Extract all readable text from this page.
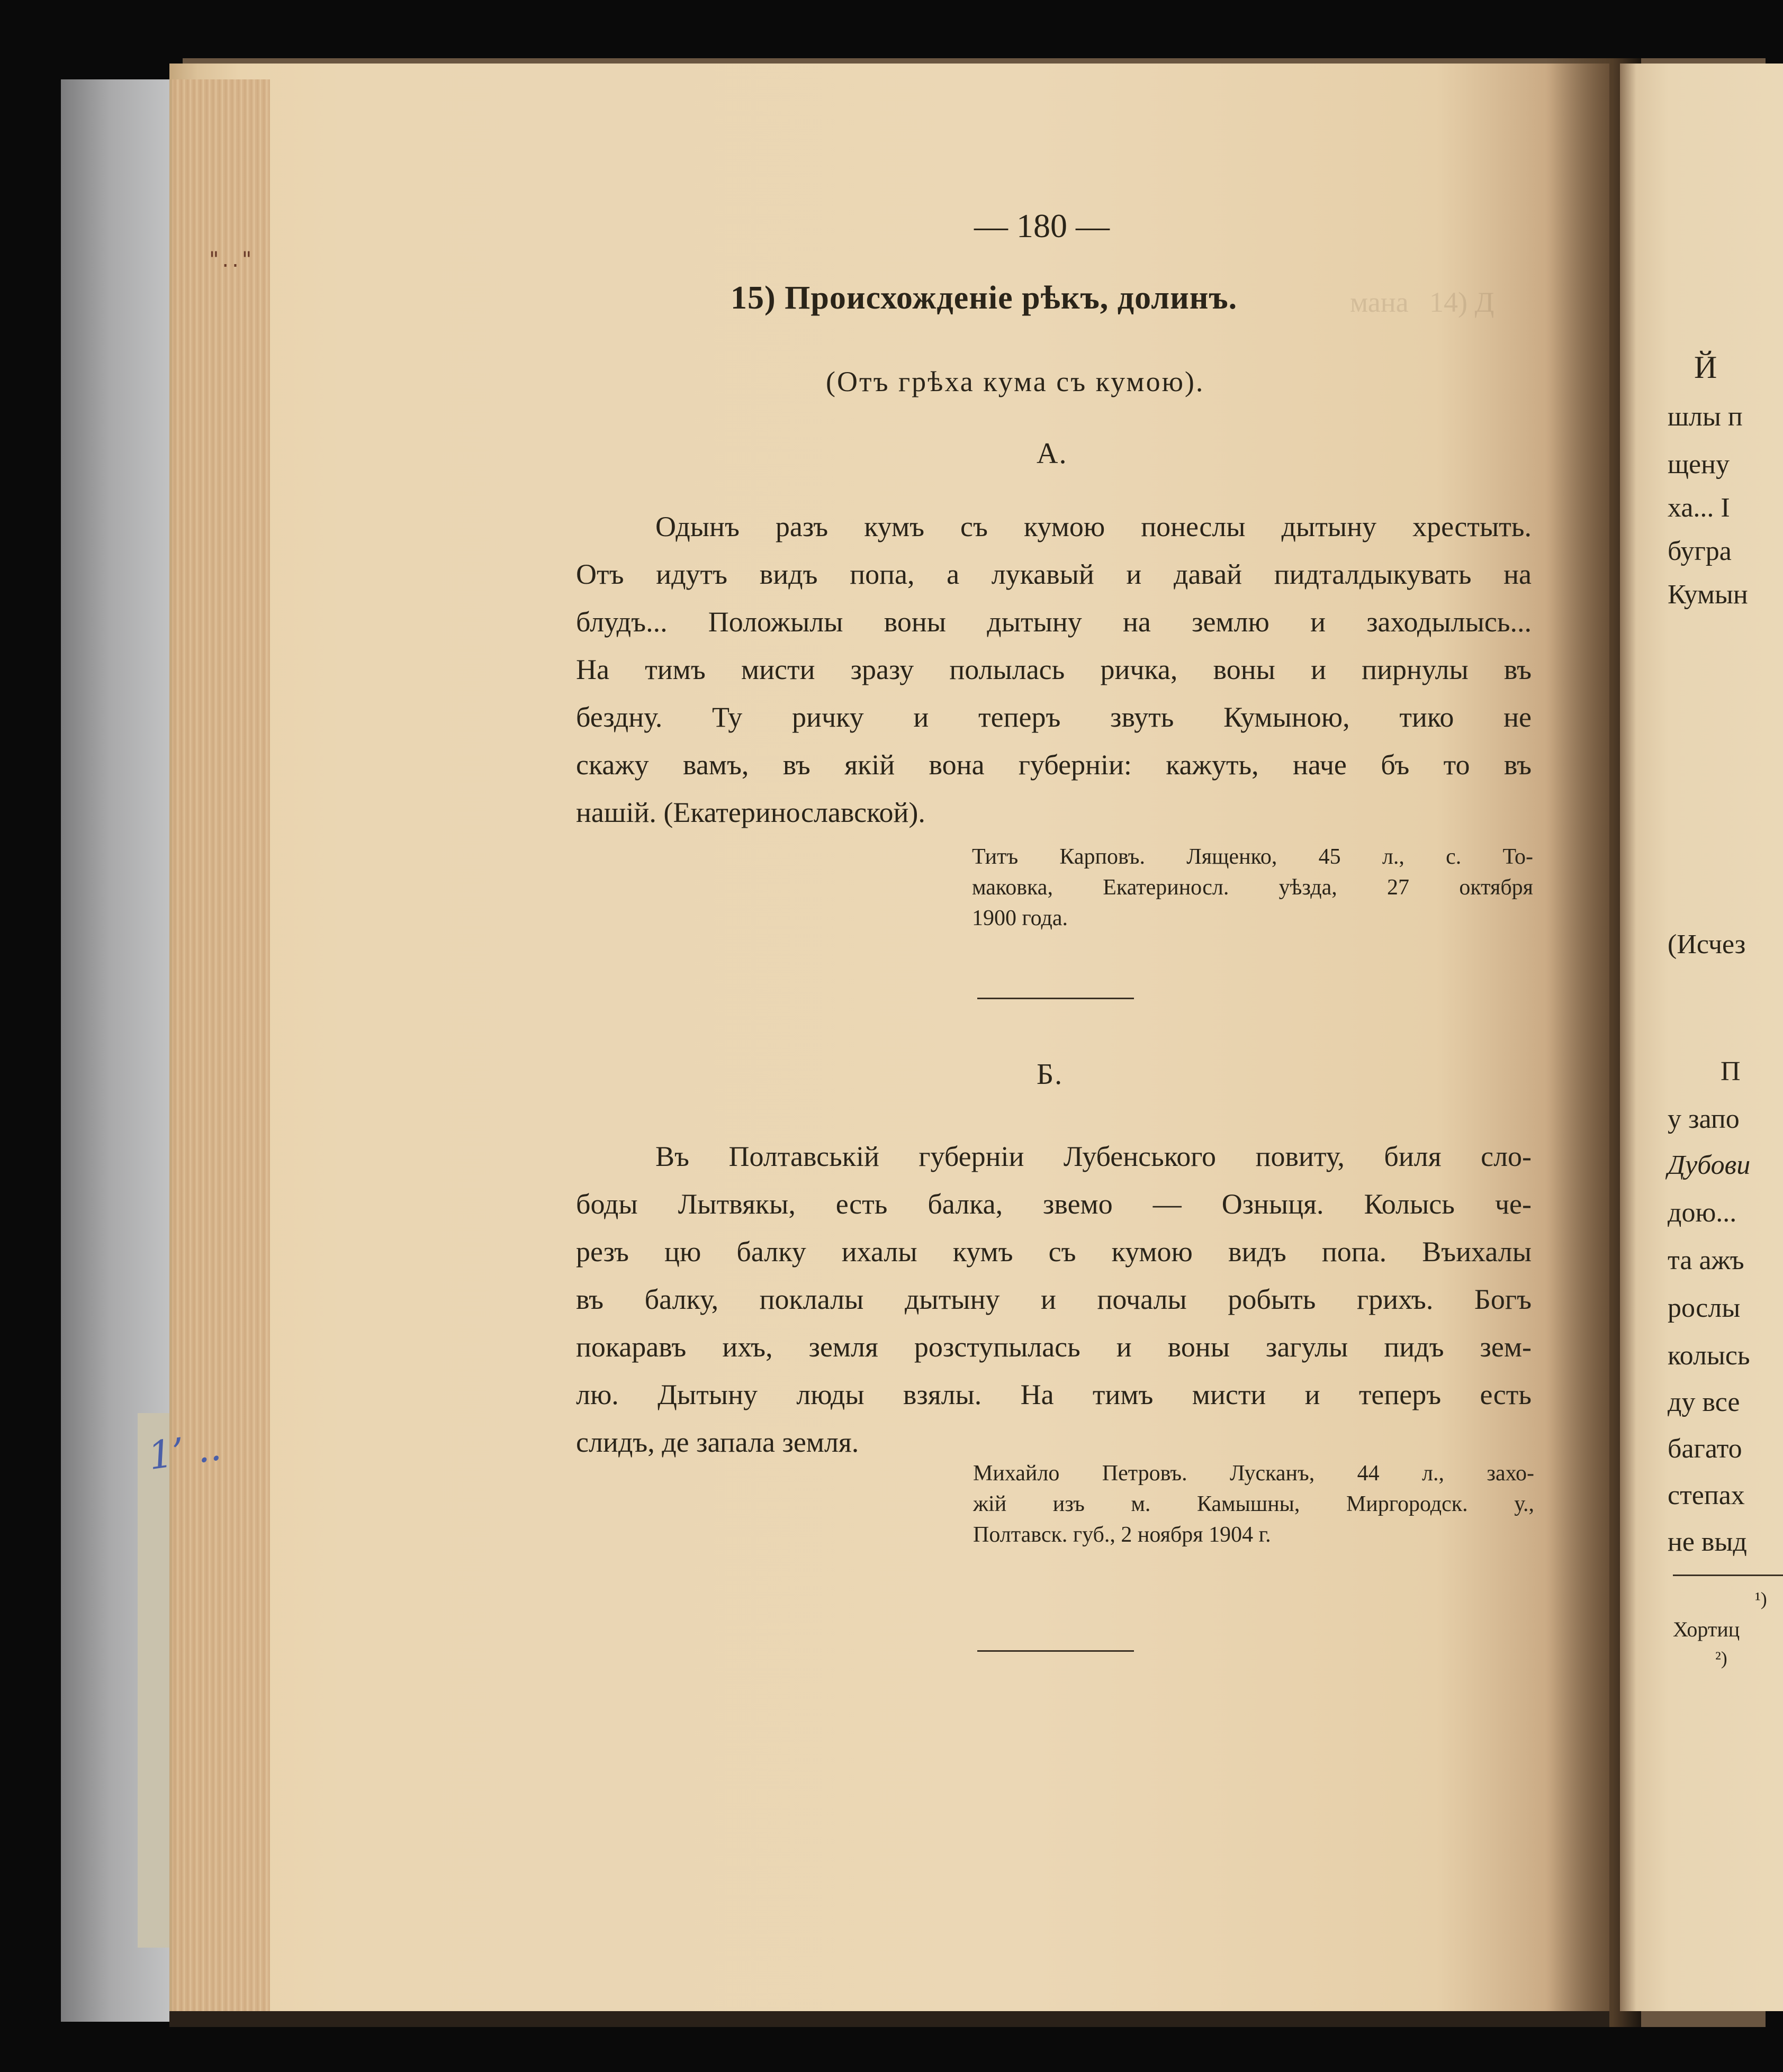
14) Д
мана
1’ ..
".."
— 180 —
15) Происхожденіе рѣкъ, долинъ.
(Отъ грѣха кума съ кумою).
А.
Одынъ разъ кумъ съ кумою понеслы дытыну хрестыть.
Отъ идутъ видъ попа, а лукавый и давай пидталдыкувать на
блудъ... Положылы воны дытыну на землю и заходылысь...
На тимъ мисти зразу полылась ричка, воны и пирнулы въ
бездну. Ту ричку и теперъ звуть Кумыною, тико не
скажу вамъ, въ якій вона губерніи: кажуть, наче бъ то въ
нашій. (Екатеринославской).
Титъ Карповъ. Лященко, 45 л., с. То-
маковка, Екатериносл. уѣзда, 27 октября
1900 года.
Б.
Въ Полтавській губерніи Лубенського повиту, биля сло-
боды Лытвякы, есть балка, звемо — Озныця. Колысь че-
резъ цю балку ихалы кумъ съ кумою видъ попа. Въихалы
въ балку, поклалы дытыну и почалы робыть грихъ. Богъ
покаравъ ихъ, земля розступылась и воны загулы пидъ зем-
лю. Дытыну люды взялы. На тимъ мисти и теперъ есть
слидъ, де запала земля.
Михайло Петровъ. Лусканъ, 44 л., захо-
жій изъ м. Камышны, Миргородск. у.,
Полтавск. губ., 2 ноября 1904 г.
Й
шлы п
щену
ха... І
бугра
Кумын
(Исчез
П
у запо
Дубови
дою...
та ажъ
рослы
колысь
ду все
багато
степах
не выд
¹)
Хортиц
²)
